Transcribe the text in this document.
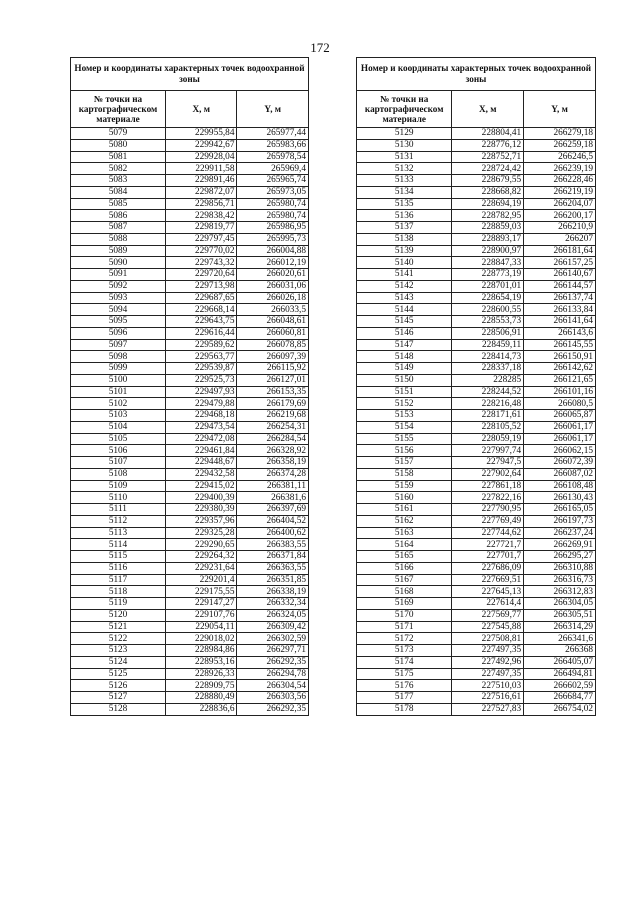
172
Номер и координаты характерных точек водоохранной зоны		
№ точки на картографическом материале	X, м	Y, м
5079	229955,84	265977,44
5080	229942,67	265983,66
5081	229928,04	265978,54
5082	229911,58	265969,4
5083	229891,46	265965,74
5084	229872,07	265973,05
5085	229856,71	265980,74
5086	229838,42	265980,74
5087	229819,77	265986,95
5088	229797,45	265995,73
5089	229770,02	266004,88
5090	229743,32	266012,19
5091	229720,64	266020,61
5092	229713,98	266031,06
5093	229687,65	266026,18
5094	229668,14	266033,5
5095	229643,75	266048,61
5096	229616,44	266060,81
5097	229589,62	266078,85
5098	229563,77	266097,39
5099	229539,87	266115,92
5100	229525,73	266127,01
5101	229497,93	266153,35
5102	229479,88	266179,69
5103	229468,18	266219,68
5104	229473,54	266254,31
5105	229472,08	266284,54
5106	229461,84	266328,92
5107	229448,67	266358,19
5108	229432,58	266374,28
5109	229415,02	266381,11
5110	229400,39	266381,6
5111	229380,39	266397,69
5112	229357,96	266404,52
5113	229325,28	266400,62
5114	229290,65	266383,55
5115	229264,32	266371,84
5116	229231,64	266363,55
5117	229201,4	266351,85
5118	229175,55	266338,19
5119	229147,27	266332,34
5120	229107,76	266324,05
5121	229054,11	266309,42
5122	229018,02	266302,59
5123	228984,86	266297,71
5124	228953,16	266292,35
5125	228926,33	266294,78
5126	228909,75	266304,54
5127	228880,49	266303,56
5128	228836,6	266292,35
Номер и координаты характерных точек водоохранной зоны		
№ точки на картографическом материале	X, м	Y, м
5129	228804,41	266279,18
5130	228776,12	266259,18
5131	228752,71	266246,5
5132	228724,42	266239,19
5133	228679,55	266228,46
5134	228668,82	266219,19
5135	228694,19	266204,07
5136	228782,95	266200,17
5137	228859,03	266210,9
5138	228893,17	266207
5139	228900,97	266181,64
5140	228847,33	266157,25
5141	228773,19	266140,67
5142	228701,01	266144,57
5143	228654,19	266137,74
5144	228600,55	266133,84
5145	228553,73	266141,64
5146	228506,91	266143,6
5147	228459,11	266145,55
5148	228414,73	266150,91
5149	228337,18	266142,62
5150	228285	266121,65
5151	228244,52	266101,16
5152	228216,48	266080,5
5153	228171,61	266065,87
5154	228105,52	266061,17
5155	228059,19	266061,17
5156	227997,74	266062,15
5157	227947,5	266072,39
5158	227902,64	266087,02
5159	227861,18	266108,48
5160	227822,16	266130,43
5161	227790,95	266165,05
5162	227769,49	266197,73
5163	227744,62	266237,24
5164	227721,7	266269,91
5165	227701,7	266295,27
5166	227686,09	266310,88
5167	227669,51	266316,73
5168	227645,13	266312,83
5169	227614,4	266304,05
5170	227569,77	266305,51
5171	227545,88	266314,29
5172	227508,81	266341,6
5173	227497,35	266368
5174	227492,96	266405,07
5175	227497,35	266494,81
5176	227510,03	266602,59
5177	227516,61	266684,77
5178	227527,83	266754,02
